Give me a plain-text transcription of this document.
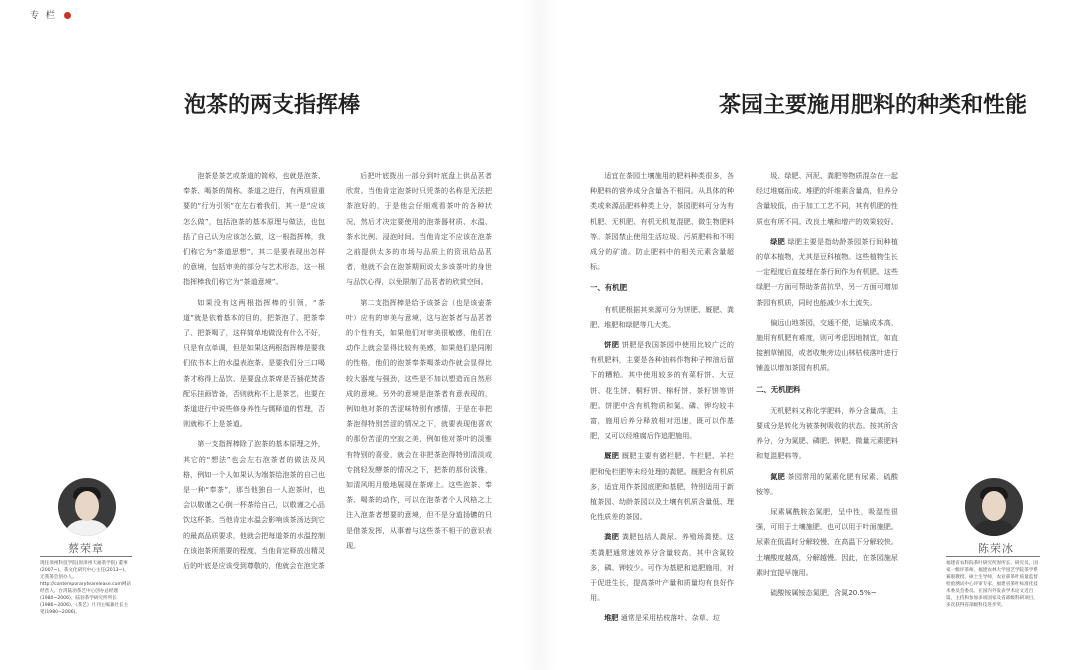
专 栏
泡茶的两支指挥棒

泡茶是茶艺或茶道的简称，也就是泡茶、奉茶、喝茶的简称。茶道之进行，有两项很重要的“行为引领”在左右着我们，其一是“应该怎么做”，包括泡茶的基本原理与做法，也包括了自己认为应该怎么做，这一根指挥棒，我们称它为“茶道思想”。其二是要表现出怎样的意境，包括审美的部分与艺术形态，这一根指挥棒我们称它为“茶道意境”。

如果没有这两根指挥棒的引领，“茶道”就是依着基本的目的，把茶泡了、把茶奉了、把茶喝了，这样简单地做没有什么不好，只是有点单调，但是如果这两根指挥棒是要我们依书本上的水温表泡茶、是要我们分三口喝茶才称得上品饮、是要盘点茶席是否插花焚香配乐挂画皆备，否则就称不上是茶艺，也要在茶道进行中说些修身养性与儒释道的哲理，否则就称不上是茶道。

第一支指挥棒除了泡茶的基本原理之外，其它的“想法”也会左右泡茶者的做法及风格，例如一个人如果认为端茶给泡茶的自己也是一种“奉茶”，那当他独自一人泡茶时，也会以敬谨之心倒一杯茶给自己，以敬谨之心品饮这杯茶。当他肯定水温会影响该茶汤达到它的最高品质要求，他就会把每道茶的水温控制在该泡茶所需要的程度，当他肯定释放出精灵后的叶底是应该受到尊敬的，他就会在泡完茶

后把叶底拨出一部分到叶底盘上供品茗者欣赏。当他肯定泡茶时只凭茶的名称是无法把茶泡好的，于是他会仔细观看茶叶的各种状况，然后才决定要使用的泡茶器材质、水温、茶水比例、浸泡时间。当他肯定不应该在泡茶之前提供太多的市场与品质上的资讯给品茗者，他就不会在泡茶期间说太多该茶叶的身世与品饮心得，以免限制了品茗者的欣赏空间。

第二支指挥棒是给予该茶会（也是该壶茶叶）应有的审美与意境，这与泡茶者与品茗者的个性有关，如果他们对审美很敏感，他们在动作上就会显得比较有美感，如果他们是同刚的性格，他们的泡茶奉茶喝茶动作就会显得比较大器度与强劲，这些是不加以塑造而自然形成的意境。另外的意境是泡茶者有意表现的，例如他对茶的苦涩味特别有感情，于是在非把茶泡得特别苦涩的情况之下，就要表现他喜欢的那份苦涩的空寂之美，例如他对茶叶的淡雅有特别的喜爱，就会在非把茶泡得特别清淡或专挑轻发酵茶的情况之下，把茶的那份淡雅，如清风明月般地展现在茶席上。这些泡茶、奉茶、喝茶的动作，可以在泡茶者个人风格之上注入泡茶者想要的意境，但不是分道扬镳的只是借茶发挥，从事着与这些茶不相干的意识表现。

蔡荣章
现任漳州科技学院(原漳州天福茶学院) 董事(2007~)、茶文化研究中心主任(2013~)、无我茶会创办人。http://contemporarytearelease.com网站经营人、台湾陆羽茶艺中心创办总经理(1980~2006)、陆羽茶学研究所所长(1986~2006)、《茶艺》月刊主编兼社长主笔(1980~2006)。
茶园主要施用肥料的种类和性能

适宜在茶园土壤施用的肥料种类很多，各种肥料的营养成分含量各不相同。从具体的种类或来源品肥料种类上分，茶园肥料可分为有机肥、无机肥、有机无机复混肥、微生物肥料等。茶园禁止使用生活垃圾、污质肥料和不明成分的矿渣。防止肥料中的相关元素含量超标。

一、有机肥

有机肥根据其来源可分为饼肥、厩肥、粪肥、堆肥和绿肥等几大类。

饼肥 饼肥是我国茶园中使用比较广泛的有机肥料，主要是各种油料作物种子榨油后留下的糟粕。其中使用较多的有菜籽饼、大豆饼、花生饼、桐籽饼、棉籽饼、茶籽饼等饼肥。饼肥中含有机物质和氮、磷、钾均较丰富，施用后养分释放相对迅速，既可以作基肥，又可以经堆腐后作追肥施用。

厩肥 厩肥主要有猪栏肥、牛栏肥、羊栏肥和兔栏肥等未经处理的粪肥。厩肥含有机质多，适宜用作茶园底肥和基肥，特别适用于新植茶园、幼龄茶园以及土壤有机质含量低、理化性质差的茶园。

粪肥 粪肥包括人粪尿、养殖场粪便。这类粪肥通常速效养分含量较高，其中含氮较多，磷、钾较少。可作为基肥和追肥施用，对于促进生长，提高茶叶产量和质量均有良好作用。

堆肥 通常是采用枯枝落叶、杂草、垃

圾、绿肥、河泥、粪肥等物质混杂在一起经过堆腐而成。堆肥的纤维素含量高，但养分含量较低，由于加工工艺不同，其有机肥的性质也有所不同。改良土壤和增产的效果较好。

绿肥 绿肥主要是指幼龄茶园茶行间种植的草本植物，尤其是豆科植物。这些植物生长一定程度后直接埋在茶行间作为有机肥。这些绿肥一方面可帮助茶苗抗旱，另一方面可增加茶园有机质，同时也能减少水土流失。

偏远山地茶园，交通不便，运输成本高，施用有机肥有难度，则可考虑因地制宜，如直接割草铺园，或者收集旁边山林枯枝落叶进行铺盖以增加茶园有机质。

二、无机肥料

无机肥料又称化学肥料，养分含量高，主要成分是转化为被茶树吸收的状态。按其所含养分，分为氮肥、磷肥、钾肥、微量元素肥料和复混肥料等。

氮肥 茶园常用的氮素化肥有尿素、硫酸铵等。

尿素属酰胺态氮肥，呈中性，吸湿性很强，可用于土壤施肥，也可以用于叶面施肥。尿素在低温时分解较慢，在高温下分解较快。土壤酸度越高，分解越慢。因此，在茶园施尿素时宜提早施用。

硫酸铵属铵态氮肥，含氮20.5%~

陈荣冰
福建省农科院茶叶研究所原所长、研究员。国家一级评茶师，福建农林大学园艺学院茶学系兼职教授、硕士生导师，农业部茶叶质量监督检验测试中心评审专家，福建省茶叶标准化技术委员会委员。在国内外发表学术论文近百篇，主持和参加多项国家及省部级科研项目，多次获得省部级科技进步奖。
